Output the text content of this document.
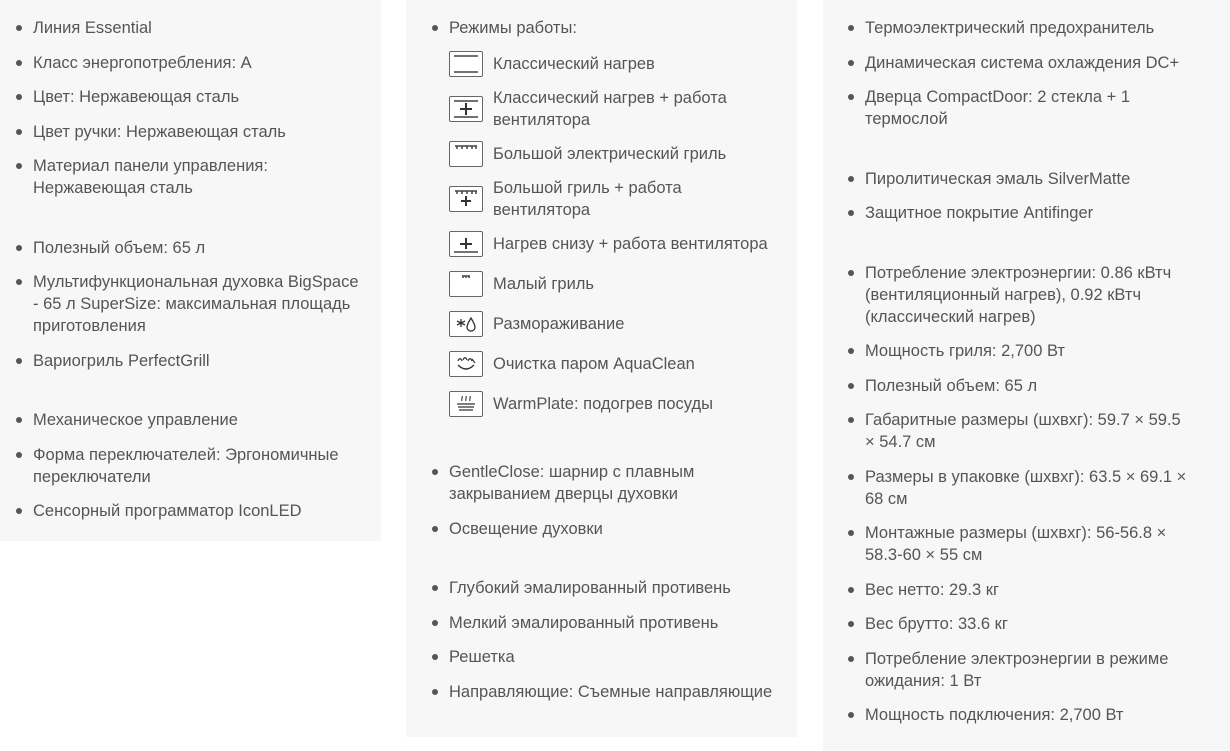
Линия Essential
Класс энергопотребления: А
Цвет: Нержавеющая сталь
Цвет ручки: Нержавеющая сталь
Материал панели управления: Нержавеющая сталь
Полезный объем: 65 л
Мультифункциональная духовка BigSpace - 65 л SuperSize: максимальная площадь приготовления
Вариогриль PerfectGrill
Механическое управление
Форма переключателей: Эргономичные переключатели
Сенсорный программатор IconLED
Режимы работы:
Классический нагрев
Классический нагрев + работа вентилятора
Большой электрический гриль
Большой гриль + работа вентилятора
Нагрев снизу + работа вентилятора
Малый гриль
Размораживание
Очистка паром AquaClean
WarmPlate: подогрев посуды
GentleClose: шарнир с плавным закрыванием дверцы духовки
Освещение духовки
Глубокий эмалированный противень
Мелкий эмалированный противень
Решетка
Направляющие: Съемные направляющие
Термоэлектрический предохранитель
Динамическая система охлаждения DC+
Дверца CompactDoor: 2 стекла + 1 термослой
Пиролитическая эмаль SilverMatte
Защитное покрытие Antifinger
Потребление электроэнергии: 0.86 кВтч (вентиляционный нагрев), 0.92 кВтч (классический нагрев)
Мощность гриля: 2,700 Вт
Полезный объем: 65 л
Габаритные размеры (шхвхг): 59.7 × 59.5 × 54.7 см
Размеры в упаковке (шхвхг): 63.5 × 69.1 × 68 см
Монтажные размеры (шхвхг): 56-56.8 × 58.3-60 × 55 см
Вес нетто: 29.3 кг
Вес брутто: 33.6 кг
Потребление электроэнергии в режиме ожидания: 1 Вт
Мощность подключения: 2,700 Вт
